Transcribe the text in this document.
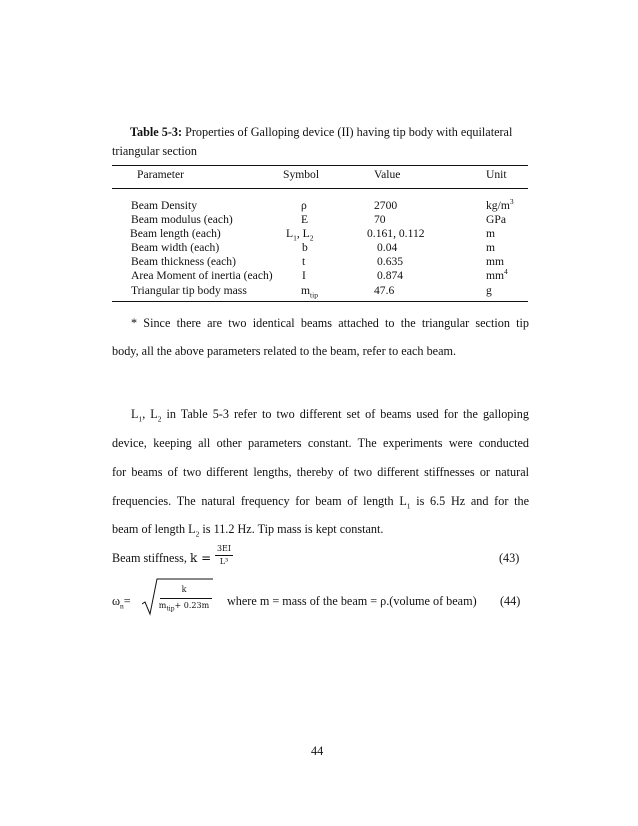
Table 5-3: Properties of Galloping device (II) having tip body with equilateral
triangular section
Parameter	Symbol	Value	Unit
Beam Density	ρ	2700	$kg/m^3$
Beam modulus (each)	E	70	GPa
Beam length (each)	$L_1$, $L_2$	0.161, 0.112	m
Beam width (each)	b	0.04	m
Beam thickness (each)	t	0.635	mm
Area Moment of inertia (each)	I	0.874	$mm^4$
Triangular tip body mass	$m_{tip}$	47.6	g
* Since there are two identical beams attached to the triangular section tip
body, all the above parameters related to the beam, refer to each beam.
$L_1$, $L_2$ in Table 5-3 refer to two different set of beams used for the galloping
device, keeping all other parameters constant. The experiments were conducted
for beams of two different lengths, thereby of two different stiffnesses or natural
frequencies. The natural frequency for beam of length $L_1$ is 6.5 Hz and for the
beam of length $L_2$ is 11.2 Hz. Tip mass is kept constant.
Beam stiffness, k =
3EI
L³	(43)
$\omega_n=$
k
$m_{tip}+ 0.23m$ where m = mass of the beam = ρ.(volume of beam) (44)
44
